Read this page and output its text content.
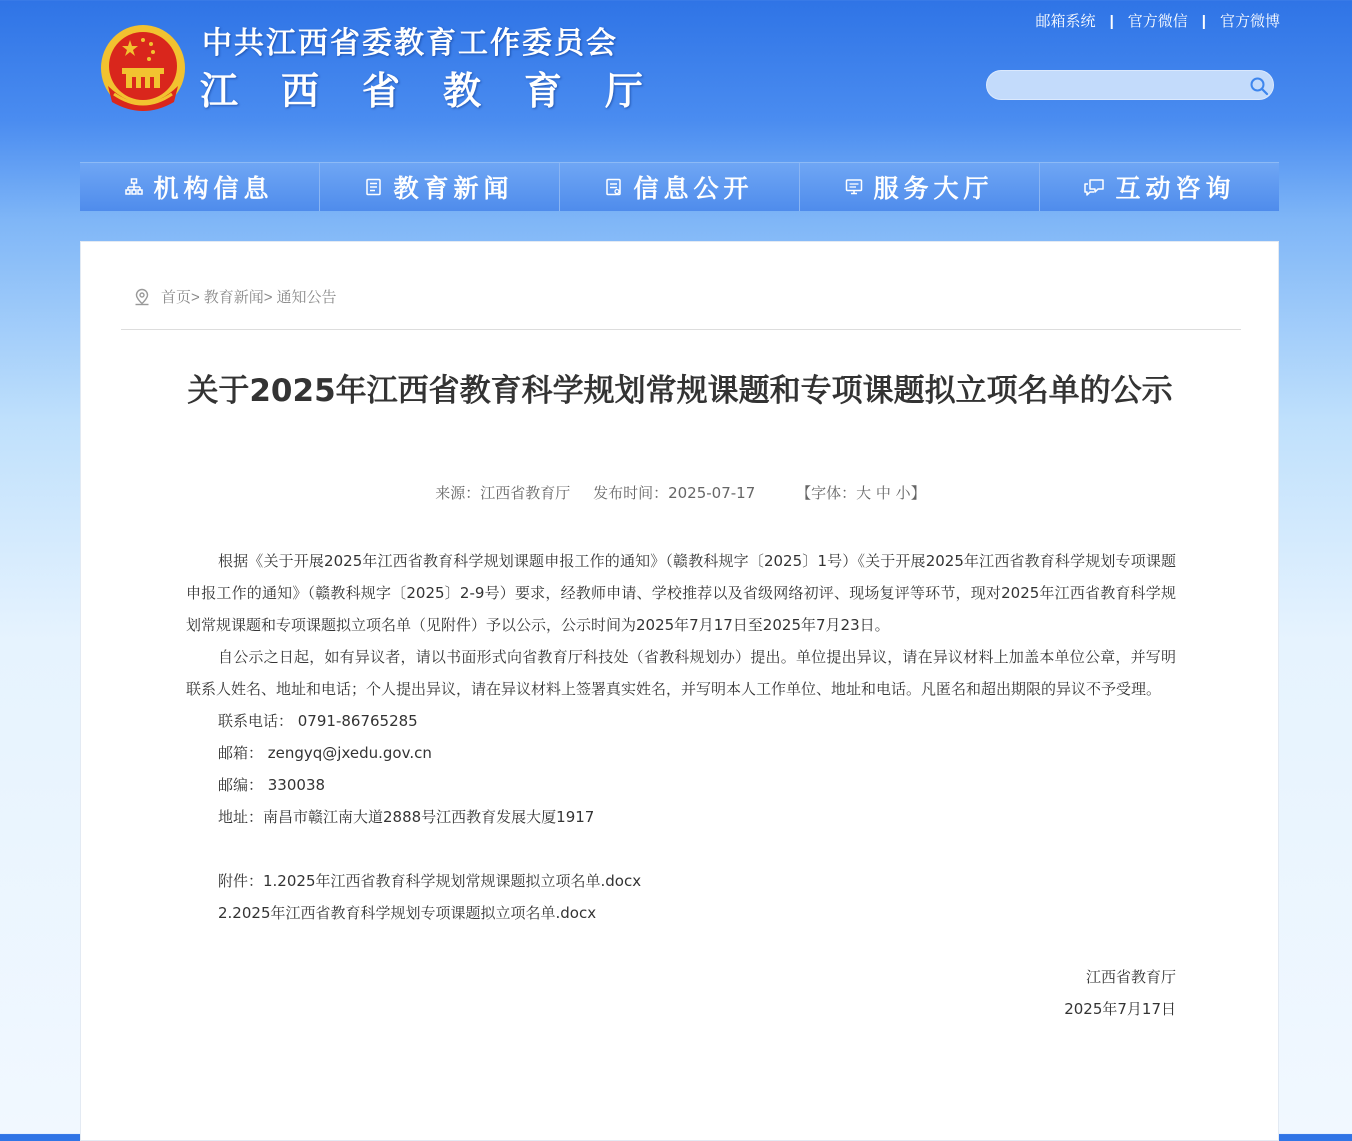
中共江西省委教育工作委员会
江西省教育厅
邮箱系统 | 官方微信 | 官方微博
机构信息	教育新闻	信息公开	服务大厅	互动咨询
首页> 教育新闻> 通知公告
关于2025年江西省教育科学规划常规课题和专项课题拟立项名单的公示
来源：江西省教育厅 发布时间：2025-07-17	【字体：大 中 小】

根据《关于开展2025年江西省教育科学规划课题申报工作的通知》（赣教科规字〔2025〕1号）《关于开展2025年江西省教育科学规划专项课题申报工作的通知》（赣教科规字〔2025〕2-9号）要求，经教师申请、学校推荐以及省级网络初评、现场复评等环节，现对2025年江西省教育科学规划常规课题和专项课题拟立项名单（见附件）予以公示，公示时间为2025年7月17日至2025年7月23日。

自公示之日起，如有异议者，请以书面形式向省教育厅科技处（省教科规划办）提出。单位提出异议，请在异议材料上加盖本单位公章，并写明联系人姓名、地址和电话；个人提出异议，请在异议材料上签署真实姓名，并写明本人工作单位、地址和电话。凡匿名和超出期限的异议不予受理。

联系电话： 0791-86765285
邮箱： zengyq@jxedu.gov.cn
邮编： 330038
地址：南昌市赣江南大道2888号江西教育发展大厦1917
附件：1.2025年江西省教育科学规划常规课题拟立项名单.docx
2.2025年江西省教育科学规划专项课题拟立项名单.docx
江西省教育厅
2025年7月17日
